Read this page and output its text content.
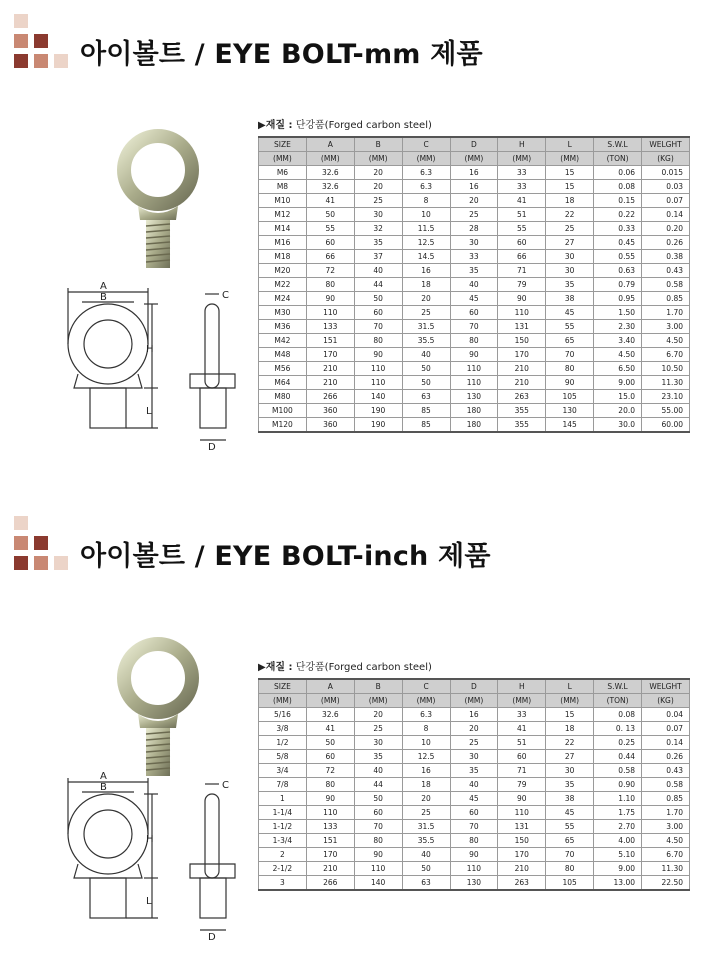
아이볼트 / EYE BOLT-mm 제품
A
B
H
L
C
D
▶재질 : 단강품(Forged carbon steel)
SIZE	A	B	C	D	H	L	S.W.L	WELGHT
(MM)	(MM)	(MM)	(MM)	(MM)	(MM)	(MM)	(TON)	(KG)
M6	32.6	20	6.3	16	33	15	0.06	0.015
M8	32.6	20	6.3	16	33	15	0.08	0.03
M10	41	25	8	20	41	18	0.15	0.07
M12	50	30	10	25	51	22	0.22	0.14
M14	55	32	11.5	28	55	25	0.33	0.20
M16	60	35	12.5	30	60	27	0.45	0.26
M18	66	37	14.5	33	66	30	0.55	0.38
M20	72	40	16	35	71	30	0.63	0.43
M22	80	44	18	40	79	35	0.79	0.58
M24	90	50	20	45	90	38	0.95	0.85
M30	110	60	25	60	110	45	1.50	1.70
M36	133	70	31.5	70	131	55	2.30	3.00
M42	151	80	35.5	80	150	65	3.40	4.50
M48	170	90	40	90	170	70	4.50	6.70
M56	210	110	50	110	210	80	6.50	10.50
M64	210	110	50	110	210	90	9.00	11.30
M80	266	140	63	130	263	105	15.0	23.10
M100	360	190	85	180	355	130	20.0	55.00
M120	360	190	85	180	355	145	30.0	60.00
아이볼트 / EYE BOLT-inch 제품
A
B
H
L
C
D
▶재질 : 단강품(Forged carbon steel)
SIZE	A	B	C	D	H	L	S.W.L	WELGHT
(MM)	(MM)	(MM)	(MM)	(MM)	(MM)	(MM)	(TON)	(KG)
5/16	32.6	20	6.3	16	33	15	0.08	0.04
3/8	41	25	8	20	41	18	0. 13	0.07
1/2	50	30	10	25	51	22	0.25	0.14
5/8	60	35	12.5	30	60	27	0.44	0.26
3/4	72	40	16	35	71	30	0.58	0.43
7/8	80	44	18	40	79	35	0.90	0.58
1	90	50	20	45	90	38	1.10	0.85
1-1/4	110	60	25	60	110	45	1.75	1.70
1-1/2	133	70	31.5	70	131	55	2.70	3.00
1-3/4	151	80	35.5	80	150	65	4.00	4.50
2	170	90	40	90	170	70	5.10	6.70
2-1/2	210	110	50	110	210	80	9.00	11.30
3	266	140	63	130	263	105	13.00	22.50
